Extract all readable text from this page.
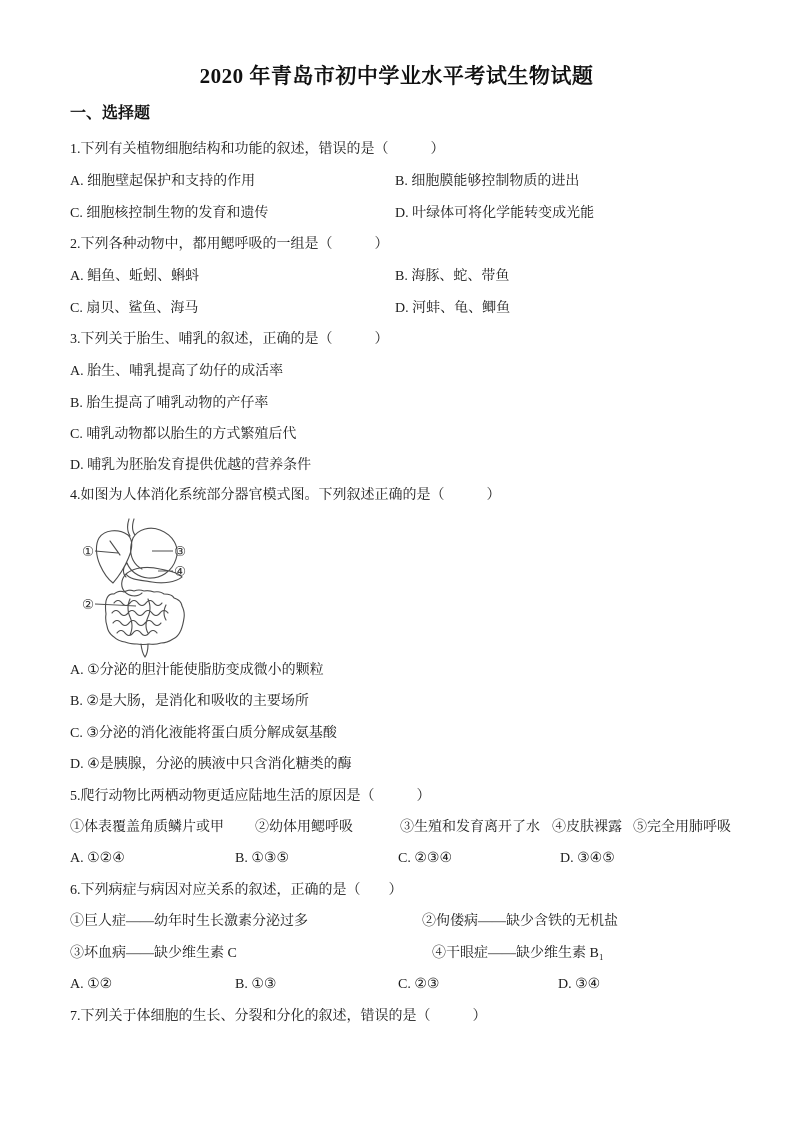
2020 年青岛市初中学业水平考试生物试题
一、选择题
1.下列有关植物细胞结构和功能的叙述，错误的是（　　　）
A. 细胞壁起保护和支持的作用	B. 细胞膜能够控制物质的进出
C. 细胞核控制生物的发育和遗传	D. 叶绿体可将化学能转变成光能
2.下列各种动物中，都用鳃呼吸的一组是（　　　）
A. 鲳鱼、蚯蚓、蝌蚪	B. 海豚、蛇、带鱼
C. 扇贝、鲨鱼、海马	D. 河蚌、龟、鲫鱼
3.下列关于胎生、哺乳的叙述，正确的是（　　　）
A. 胎生、哺乳提高了幼仔的成活率
B. 胎生提高了哺乳动物的产仔率
C. 哺乳动物都以胎生的方式繁殖后代
D. 哺乳为胚胎发育提供优越的营养条件
4.如图为人体消化系统部分器官模式图。下列叙述正确的是（　　　）
①
②
③
④
A. ①分泌的胆汁能使脂肪变成微小的颗粒
B. ②是大肠，是消化和吸收的主要场所
C. ③分泌的消化液能将蛋白质分解成氨基酸
D. ④是胰腺，分泌的胰液中只含消化糖类的酶
5.爬行动物比两栖动物更适应陆地生活的原因是（　　　）
①体表覆盖角质鳞片或甲 ②幼体用鳃呼吸	③生殖和发育离开了水 ④皮肤裸露 ⑤完全用肺呼吸
A. ①②④	B. ①③⑤	C. ②③④	D. ③④⑤
6.下列病症与病因对应关系的叙述，正确的是（　　）
①巨人症——幼年时生长激素分泌过多	②佝偻病——缺少含铁的无机盐
③坏血病——缺少维生素 C	④干眼症——缺少维生素 B₁
A. ①②	B. ①③	C. ②③	D. ③④
7.下列关于体细胞的生长、分裂和分化的叙述，错误的是（　　　）
